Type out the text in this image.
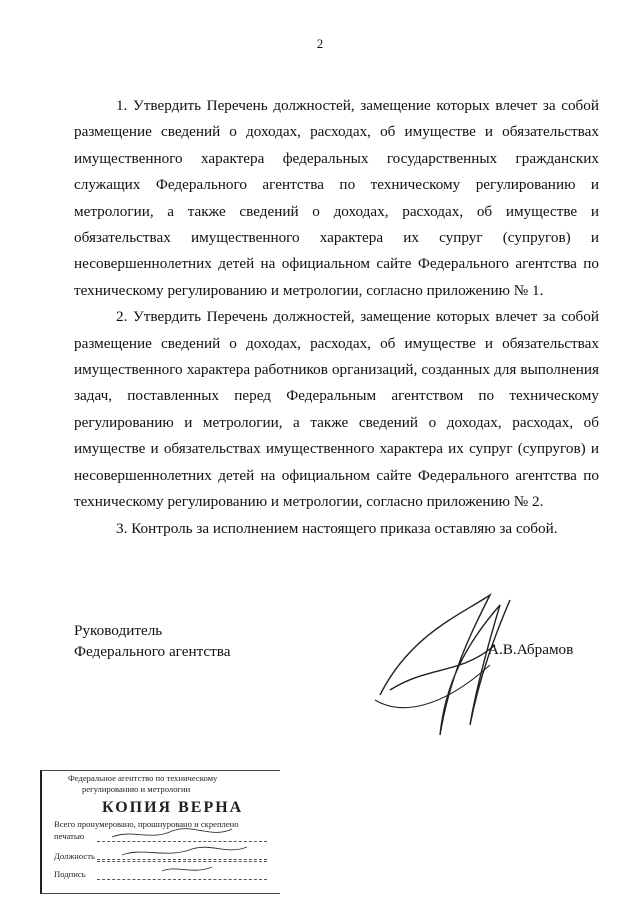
2

1. Утвердить Перечень должностей, замещение которых влечет за собой размещение сведений о доходах, расходах, об имуществе и обязательствах имущественного характера федеральных государственных гражданских служащих Федерального агентства по техническому регулированию и метрологии, а также сведений о доходах, расходах, об имуществе и обязательствах имущественного характера их супруг (супругов) и несовершеннолетних детей на официальном сайте Федерального агентства по техническому регулированию и метрологии, согласно приложению № 1.

2. Утвердить Перечень должностей, замещение которых влечет за собой размещение сведений о доходах, расходах, об имуществе и обязательствах имущественного характера работников организаций, созданных для выполнения задач, поставленных перед Федеральным агентством по техническому регулированию и метрологии, а также сведений о доходах, расходах, об имуществе и обязательствах имущественного характера их супруг (супругов) и несовершеннолетних детей на официальном сайте Федерального агентства по техническому регулированию и метрологии, согласно приложению № 2.

3. Контроль за исполнением настоящего приказа оставляю за собой.

Руководитель
Федерального агентства	А.В.Абрамов
Федеральное агентство по техническому
регулированию и метрологии
КОПИЯ ВЕРНА
Всего пронумеровано, прошнуровано и скреплено
печатью
Должность
Подпись
